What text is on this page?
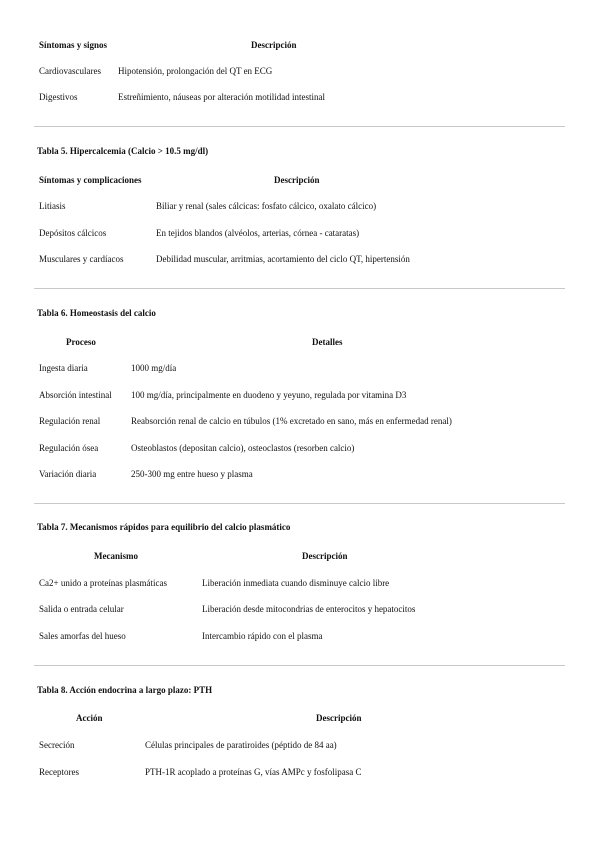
Síntomas y signos	Descripción
Cardiovasculares Hipotensión, prolongación del QT en ECG
Digestivos	Estreñimiento, náuseas por alteración motilidad intestinal
Tabla 5. Hipercalcemia (Calcio > 10.5 mg/dl)
Síntomas y complicaciones	Descripción
Litiasis	Biliar y renal (sales cálcicas: fosfato cálcico, oxalato cálcico)
Depósitos cálcicos	En tejidos blandos (alvéolos, arterias, córnea - cataratas)
Musculares y cardíacos	Debilidad muscular, arritmias, acortamiento del ciclo QT, hipertensión
Tabla 6. Homeostasis del calcio
Proceso	Detalles
Ingesta diaria	1000 mg/día
Absorción intestinal 100 mg/día, principalmente en duodeno y yeyuno, regulada por vitamina D3
Regulación renal	Reabsorción renal de calcio en túbulos (1% excretado en sano, más en enfermedad renal)
Regulación ósea	Osteoblastos (depositan calcio), osteoclastos (resorben calcio)
Variación diaria	250-300 mg entre hueso y plasma
Tabla 7. Mecanismos rápidos para equilibrio del calcio plasmático
Mecanismo	Descripción
Ca2+ unido a proteínas plasmáticas	Liberación inmediata cuando disminuye calcio libre
Salida o entrada celular	Liberación desde mitocondrias de enterocitos y hepatocitos
Sales amorfas del hueso	Intercambio rápido con el plasma
Tabla 8. Acción endocrina a largo plazo: PTH
Acción	Descripción
Secreción	Células principales de paratiroides (péptido de 84 aa)
Receptores	PTH-1R acoplado a proteínas G, vías AMPc y fosfolipasa C
